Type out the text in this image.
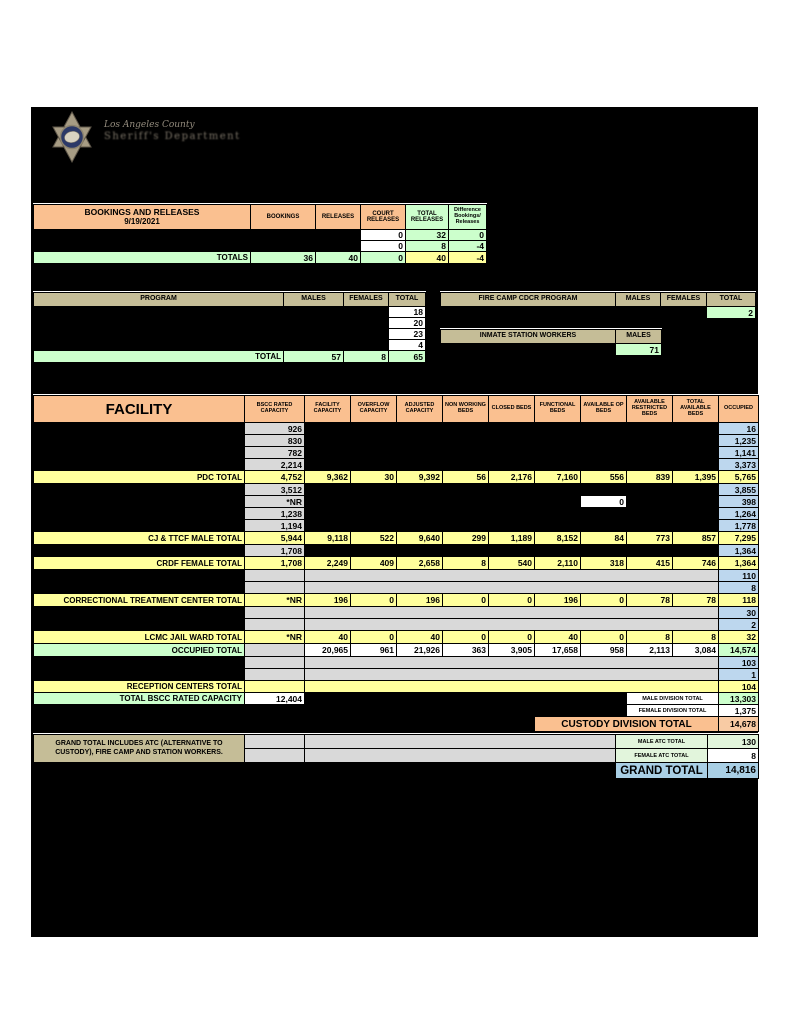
Los Angeles County
Sheriff's Department
BOOKINGS AND RELEASES
9/19/2021	BOOKINGS	RELEASES	COURT RELEASES	TOTAL RELEASES	Difference Bookings/ Releases
			0	32	0
			0	8	-4
TOTALS	36	40	0	40	-4
PROGRAM	MALES	FEMALES	TOTAL
			18
			20
			23
			4
TOTAL	57	8	65
FIRE CAMP CDCR PROGRAM	MALES	FEMALES	TOTAL
			2
INMATE STATION WORKERS	MALES
	71
FACILITY	BSCC RATED CAPACITY	FACILITY CAPACITY	OVERFLOW CAPACITY	ADJUSTED CAPACITY	NON WORKING BEDS	CLOSED BEDS	FUNCTIONAL BEDS	AVAILABLE OP BEDS	AVAILABLE RESTRICTED BEDS	TOTAL AVAILABLE BEDS	OCCUPIED
	926										16
	830										1,235
	782										1,141
	2,214										3,373
PDC TOTAL	4,752	9,362	30	9,392	56	2,176	7,160	556	839	1,395	5,765
	3,512										3,855
	*NR							0			398
	1,238										1,264
	1,194										1,778
CJ & TTCF MALE TOTAL	5,944	9,118	522	9,640	299	1,189	8,152	84	773	857	7,295
	1,708										1,364
CRDF FEMALE TOTAL	1,708	2,249	409	2,658	8	540	2,110	318	415	746	1,364
											110
											8
CORRECTIONAL TREATMENT CENTER TOTAL	*NR	196	0	196	0	0	196	0	78	78	118
											30
											2
LCMC JAIL WARD TOTAL	*NR	40	0	40	0	0	40	0	8	8	32
OCCUPIED TOTAL		20,965	961	21,926	363	3,905	17,658	958	2,113	3,084	14,574
											103
											1
RECEPTION CENTERS TOTAL											104
TOTAL BSCC RATED CAPACITY	12,404								MALE DIVISION TOTAL		13,303
									FEMALE DIVISION TOTAL		1,375
							CUSTODY DIVISION TOTAL				14,678
GRAND TOTAL INCLUDES ATC (ALTERNATIVE TO CUSTODY), FIRE CAMP AND STATION WORKERS.			MALE ATC TOTAL	130
			FEMALE ATC TOTAL	8
			GRAND TOTAL	14,816
